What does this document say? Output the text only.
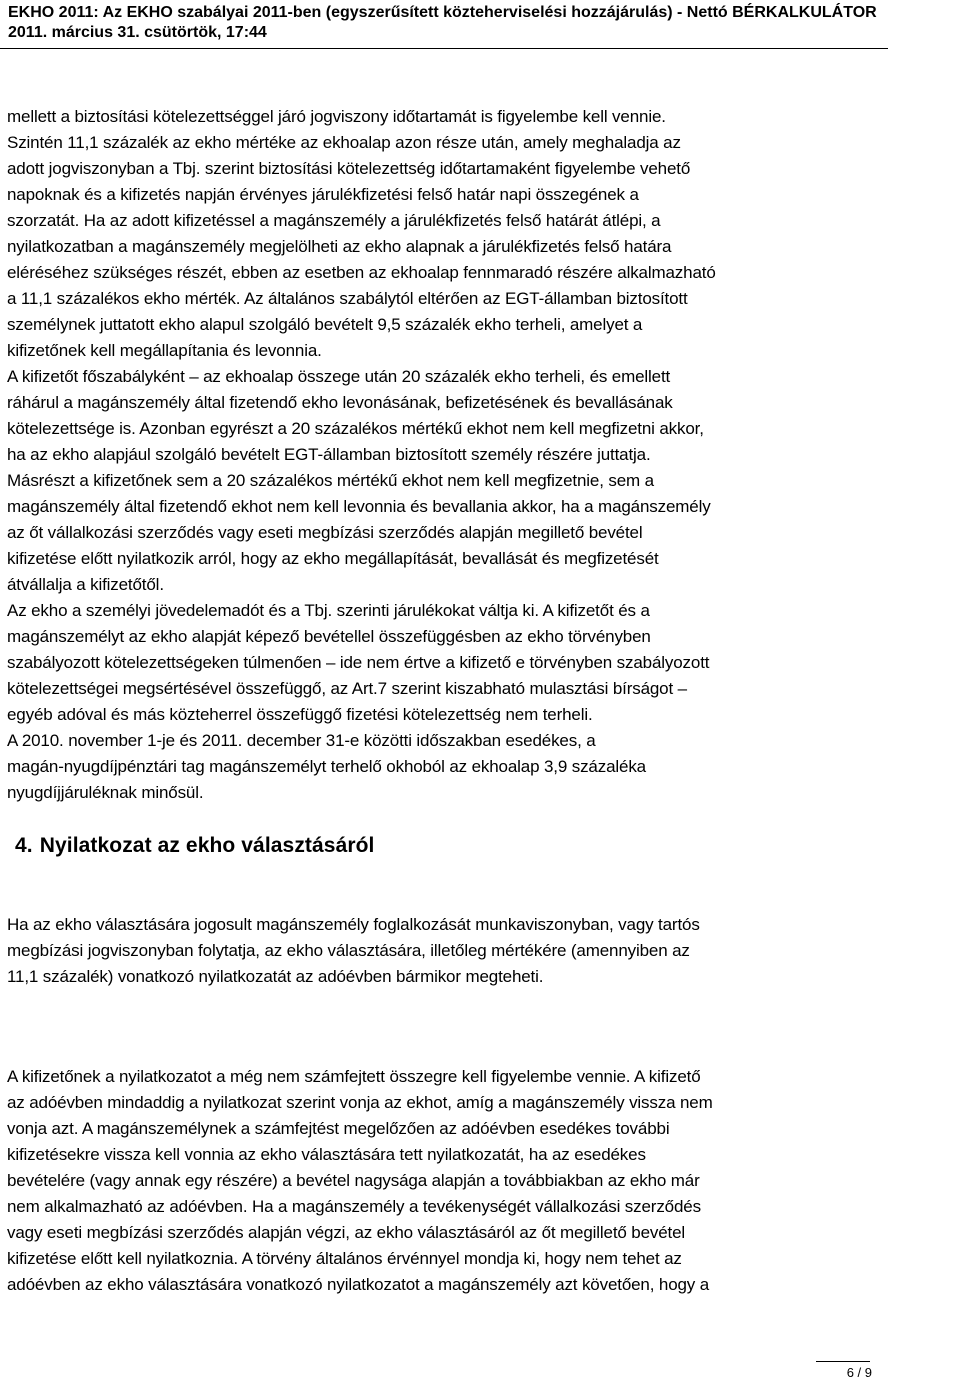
EKHO 2011: Az EKHO szabályai 2011-ben (egyszerűsített közteherviselési hozzájárulás) - Nettó BÉRKALKULÁTOR
2011. március 31. csütörtök, 17:44

mellett a biztosítási kötelezettséggel járó jogviszony időtartamát is figyelembe kell vennie.

Szintén 11,1 százalék az ekho mértéke az ekhoalap azon része után, amely meghaladja az

adott jogviszonyban a Tbj. szerint biztosítási kötelezettség időtartamaként figyelembe vehető

napoknak és a kifizetés napján érvényes járulékfizetési felső határ napi összegének a

szorzatát. Ha az adott kifizetéssel a magánszemély a járulékfizetés felső határát átlépi, a

nyilatkozatban a magánszemély megjelölheti az ekho alapnak a járulékfizetés felső határa

eléréséhez szükséges részét, ebben az esetben az ekhoalap fennmaradó részére alkalmazható

a 11,1 százalékos ekho mérték. Az általános szabálytól eltérően az EGT-államban biztosított

személynek juttatott ekho alapul szolgáló bevételt 9,5 százalék ekho terheli, amelyet a

kifizetőnek kell megállapítania és levonnia.

A kifizetőt főszabályként – az ekhoalap összege után 20 százalék ekho terheli, és emellett

ráhárul a magánszemély által fizetendő ekho levonásának, befizetésének és bevallásának

kötelezettsége is. Azonban egyrészt a 20 százalékos mértékű ekhot nem kell megfizetni akkor,

ha az ekho alapjául szolgáló bevételt EGT-államban biztosított személy részére juttatja.

Másrészt a kifizetőnek sem a 20 százalékos mértékű ekhot nem kell megfizetnie, sem a

magánszemély által fizetendő ekhot nem kell levonnia és bevallania akkor, ha a magánszemély

az őt vállalkozási szerződés vagy eseti megbízási szerződés alapján megillető bevétel

kifizetése előtt nyilatkozik arról, hogy az ekho megállapítását, bevallását és megfizetését

átvállalja a kifizetőtől.

Az ekho a személyi jövedelemadót és a Tbj. szerinti járulékokat váltja ki. A kifizetőt és a

magánszemélyt az ekho alapját képező bevétellel összefüggésben az ekho törvényben

szabályozott kötelezettségeken túlmenően – ide nem értve a kifizető e törvényben szabályozott

kötelezettségei megsértésével összefüggő, az Art.7 szerint kiszabható mulasztási bírságot –

egyéb adóval és más közteherrel összefüggő fizetési kötelezettség nem terheli.

A 2010. november 1-je és 2011. december 31-e közötti időszakban esedékes, a

magán-nyugdíjpénztári tag magánszemélyt terhelő okhoból az ekhoalap 3,9 százaléka

nyugdíjjáruléknak minősül.

4. Nyilatkozat az ekho választásáról

Ha az ekho választására jogosult magánszemély foglalkozását munkaviszonyban, vagy tartós

megbízási jogviszonyban folytatja, az ekho választására, illetőleg mértékére (amennyiben az

11,1 százalék) vonatkozó nyilatkozatát az adóévben bármikor megteheti.

A kifizetőnek a nyilatkozatot a még nem számfejtett összegre kell figyelembe vennie. A kifizető

az adóévben mindaddig a nyilatkozat szerint vonja az ekhot, amíg a magánszemély vissza nem

vonja azt. A magánszemélynek a számfejtést megelőzően az adóévben esedékes további

kifizetésekre vissza kell vonnia az ekho választására tett nyilatkozatát, ha az esedékes

bevételére (vagy annak egy részére) a bevétel nagysága alapján a továbbiakban az ekho már

nem alkalmazható az adóévben. Ha a magánszemély a tevékenységét vállalkozási szerződés

vagy eseti megbízási szerződés alapján végzi, az ekho választásáról az őt megillető bevétel

kifizetése előtt kell nyilatkoznia. A törvény általános érvénnyel mondja ki, hogy nem tehet az

adóévben az ekho választására vonatkozó nyilatkozatot a magánszemély azt követően, hogy a

6 / 9
